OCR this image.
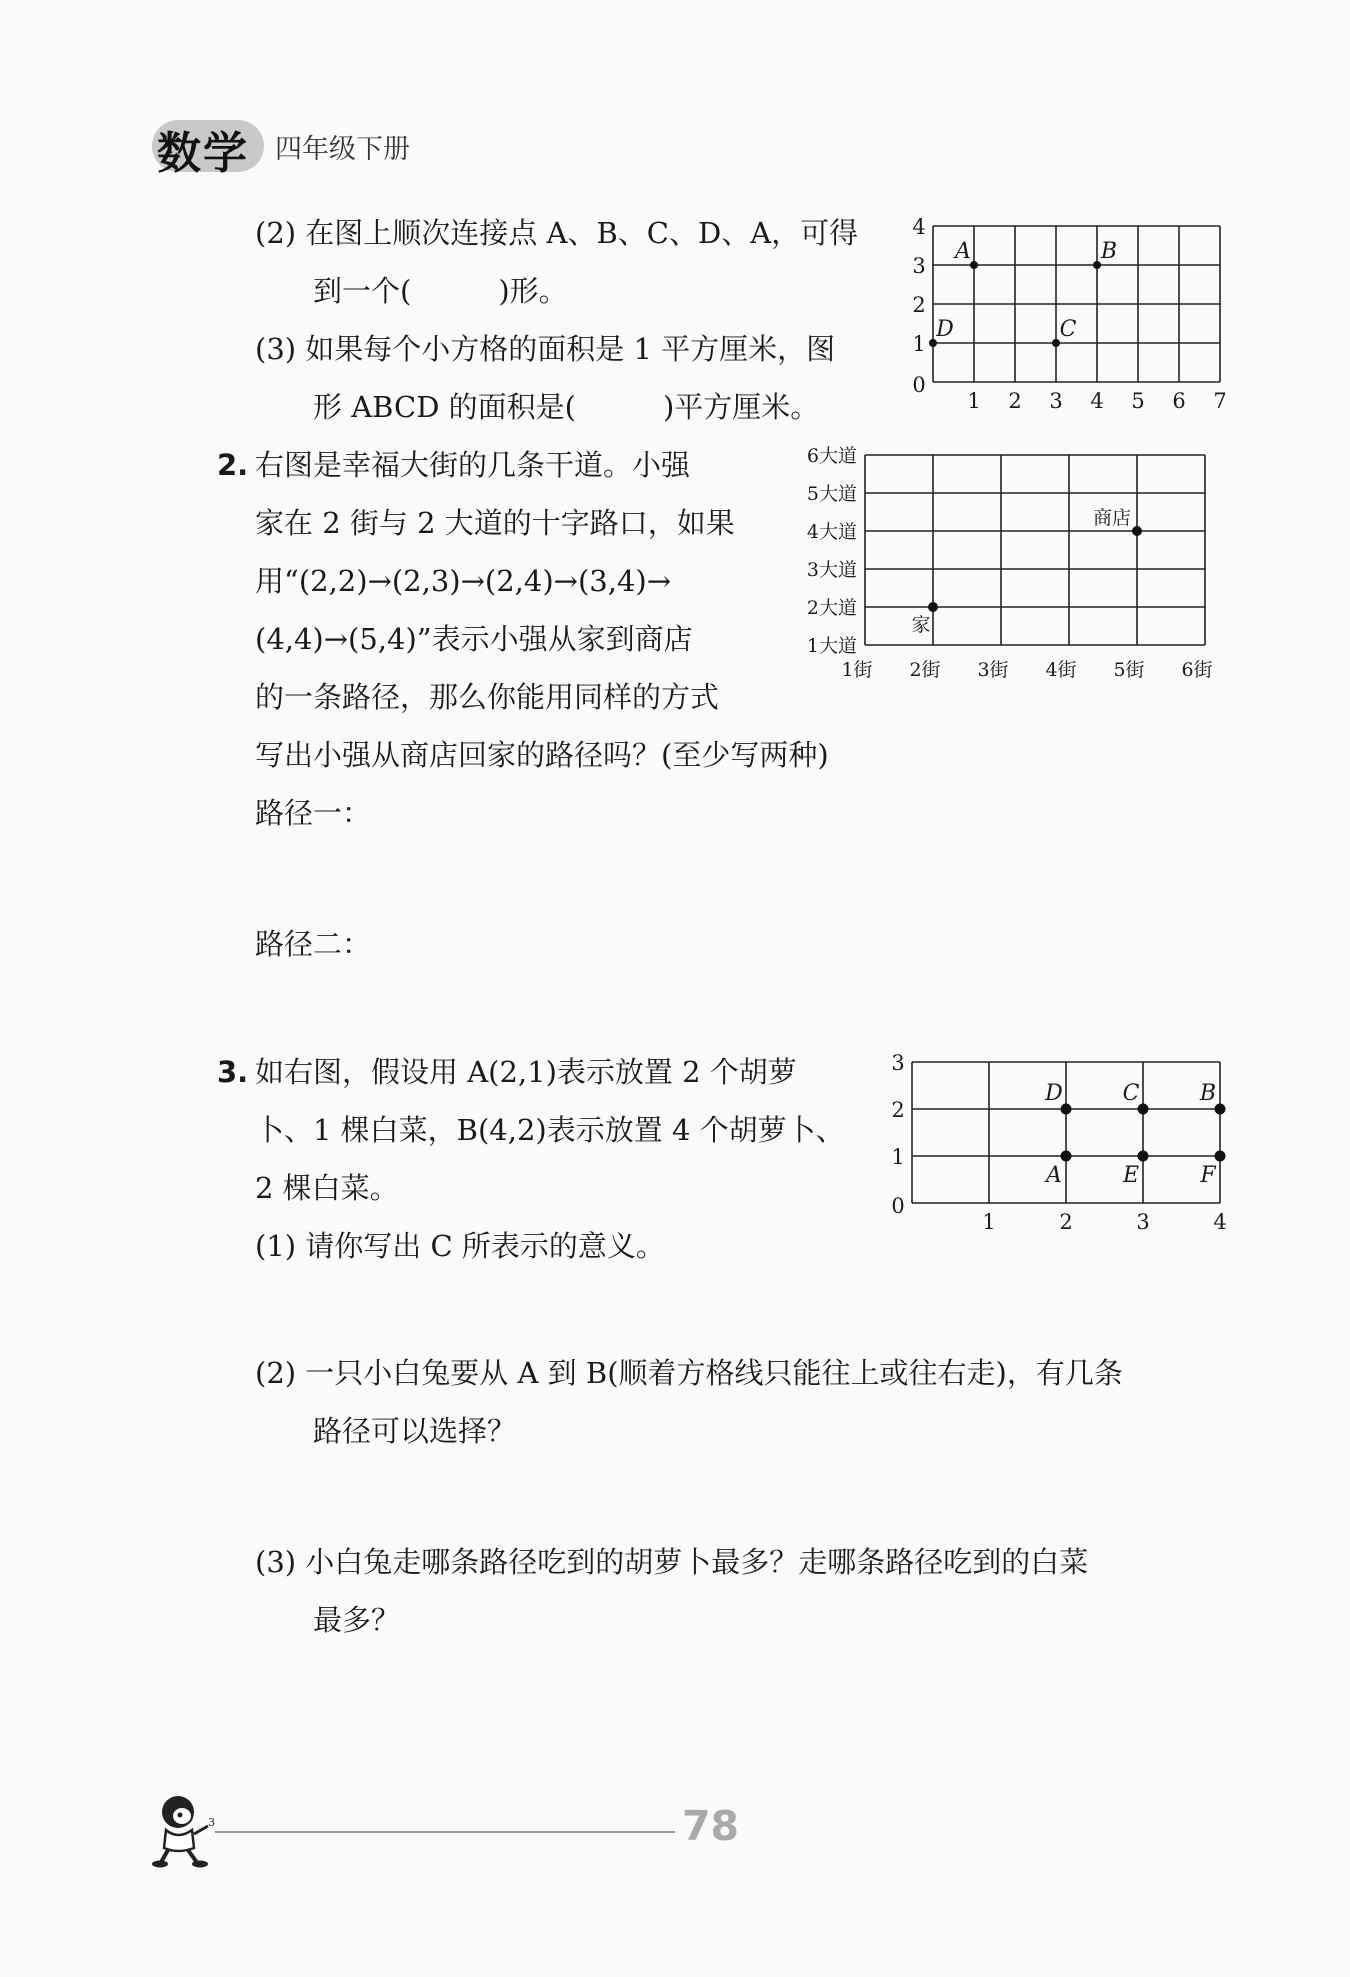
数学 四年级下册
(2) 在图上顺次连接点 A、B、C、D、A，可得
到一个(　　　)形。
(3) 如果每个小方格的面积是 1 平方厘米，图
形 ABCD 的面积是(　　　)平方厘米。	1 2 3 4 5 6 7
0
1
2
3
4
A	B
C
D
2. 右图是幸福大街的几条干道。小强
家在 2 街与 2 大道的十字路口，如果
用“(2,2)→(2,3)→(2,4)→(3,4)→
(4,4)→(5,4)”表示小强从家到商店
的一条路径，那么你能用同样的方式
写出小强从商店回家的路径吗？(至少写两种)
路径一：
路径二：
1街 2街 3街 4街 5街 6街
1大道
2大道
3大道
4大道
5大道
6大道
家
商店
3. 如右图，假设用 A(2,1)表示放置 2 个胡萝
卜、1 棵白菜，B(4,2)表示放置 4 个胡萝卜、
2 棵白菜。
(1) 请你写出 C 所表示的意义。
(2) 一只小白兔要从 A 到 B(顺着方格线只能往上或往右走)，有几条
路径可以选择？
(3) 小白兔走哪条路径吃到的胡萝卜最多？走哪条路径吃到的白菜
最多？
1	2	3	4
0
1
2
3
A	E	F
D	C	B
3	78
